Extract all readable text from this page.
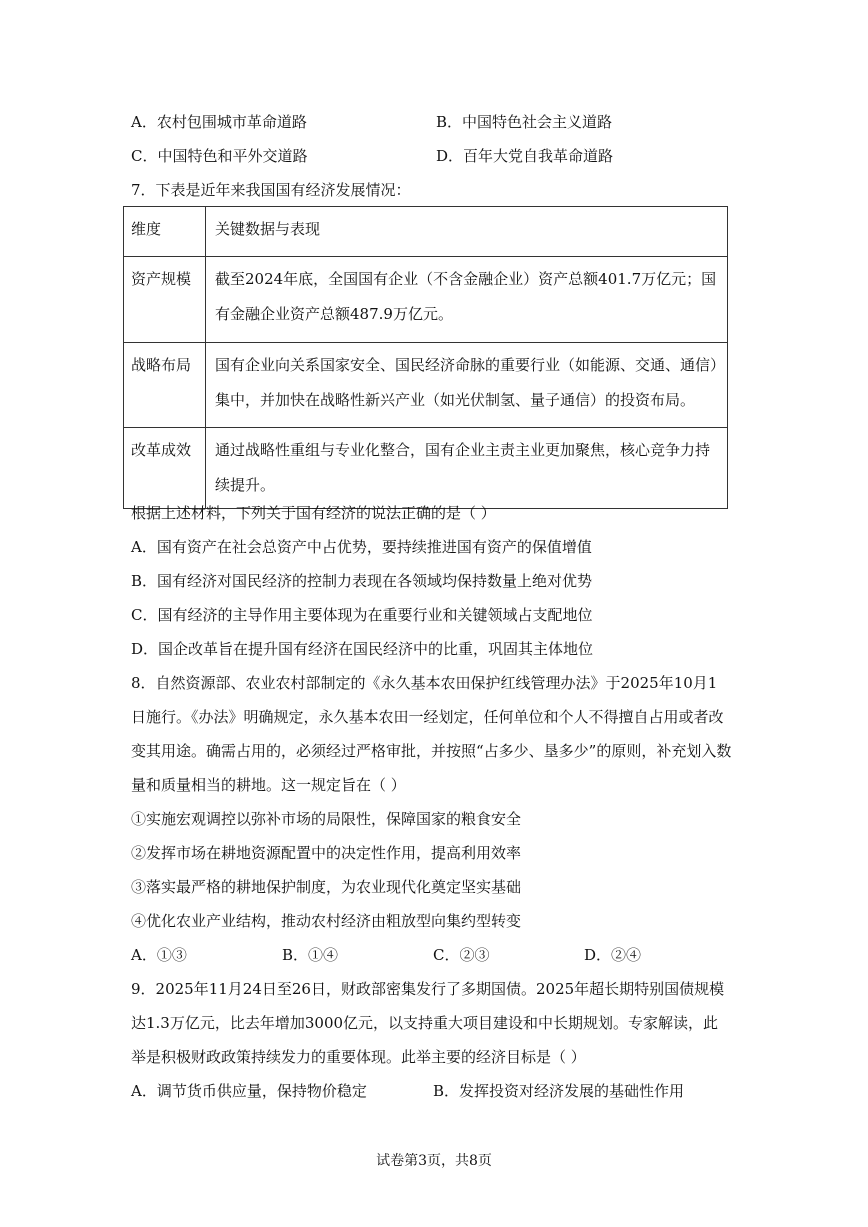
A．农村包围城市革命道路	B．中国特色社会主义道路
C．中国特色和平外交道路	D．百年大党自我革命道路
7．下表是近年来我国国有经济发展情况：
维度	关键数据与表现
资产规模	截至2024年底，全国国有企业（不含金融企业）资产总额401.7万亿元；国有金融企业资产总额487.9万亿元。
战略布局	国有企业向关系国家安全、国民经济命脉的重要行业（如能源、交通、通信）集中，并加快在战略性新兴产业（如光伏制氢、量子通信）的投资布局。
改革成效	通过战略性重组与专业化整合，国有企业主责主业更加聚焦，核心竞争力持续提升。
根据上述材料，下列关于国有经济的说法正确的是（ ）
A．国有资产在社会总资产中占优势，要持续推进国有资产的保值增值
B．国有经济对国民经济的控制力表现在各领域均保持数量上绝对优势
C．国有经济的主导作用主要体现为在重要行业和关键领域占支配地位
D．国企改革旨在提升国有经济在国民经济中的比重，巩固其主体地位
8．自然资源部、农业农村部制定的《永久基本农田保护红线管理办法》于2025年10月1
日施行。《办法》明确规定，永久基本农田一经划定，任何单位和个人不得擅自占用或者改
变其用途。确需占用的，必须经过严格审批，并按照“占多少、垦多少”的原则，补充划入数
量和质量相当的耕地。这一规定旨在（ ）
①实施宏观调控以弥补市场的局限性，保障国家的粮食安全
②发挥市场在耕地资源配置中的决定性作用，提高利用效率
③落实最严格的耕地保护制度，为农业现代化奠定坚实基础
④优化农业产业结构，推动农村经济由粗放型向集约型转变
A．①③	B．①④	C．②③	D．②④
9．2025年11月24日至26日，财政部密集发行了多期国债。2025年超长期特别国债规模
达1.3万亿元，比去年增加3000亿元，以支持重大项目建设和中长期规划。专家解读，此
举是积极财政政策持续发力的重要体现。此举主要的经济目标是（ ）
A．调节货币供应量，保持物价稳定	B．发挥投资对经济发展的基础性作用
试卷第3页，共8页
